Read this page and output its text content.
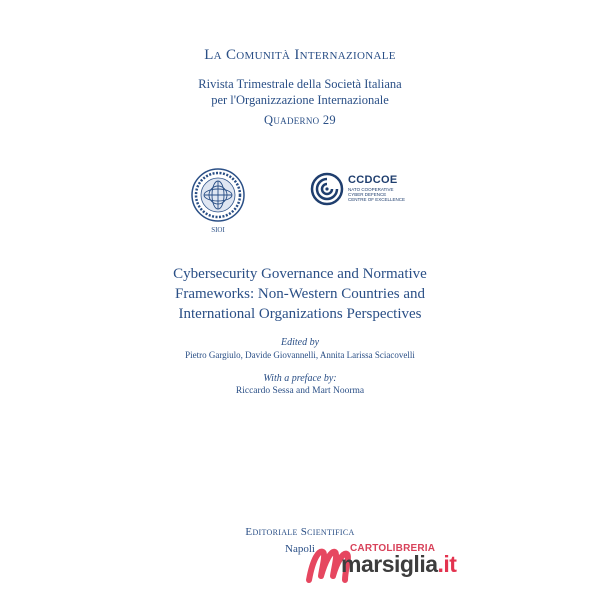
La Comunità Internazionale
Rivista Trimestrale della Società Italiana
per l'Organizzazione Internazionale
Quaderno 29
SIOI
CCDCOE
NATO COOPERATIVE
CYBER DEFENCE
CENTRE OF EXCELLENCE
Cybersecurity Governance and Normative
Frameworks: Non-Western Countries and
International Organizations Perspectives
Edited by
Pietro Gargiulo, Davide Giovannelli, Annita Larissa Sciacovelli
With a preface by:
Riccardo Sessa and Mart Noorma
Editoriale Scientifica
Napoli	CARTOLIBRERIA
marsiglia.it
